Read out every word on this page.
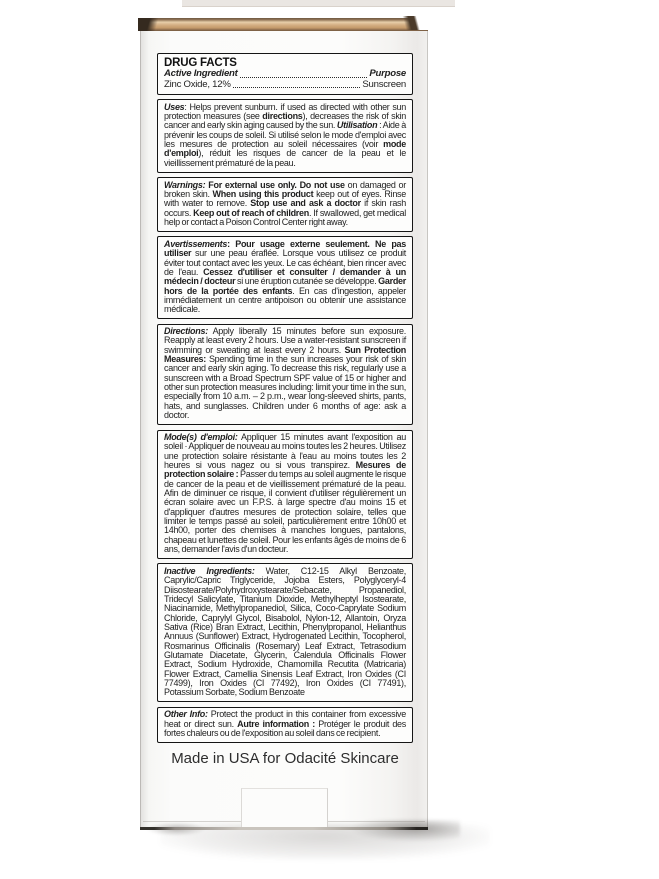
DRUG FACTS
Active Ingredient	Purpose
Zinc Oxide, 12%	Sunscreen

Uses: Helps prevent sunburn. if used as directed with other sun protection measures (see directions), decreases the risk of skin cancer and early skin aging caused by the sun. Utilisation : Aide à prévenir les coups de soleil. Si utilisé selon le mode d'emploi avec les mesures de protection au soleil nécessaires (voir mode d'emploi), réduit les risques de cancer de la peau et le vieillissement prématuré de la peau.

Warnings: For external use only. Do not use on damaged or broken skin. When using this product keep out of eyes. Rinse with water to remove. Stop use and ask a doctor if skin rash occurs. Keep out of reach of children. If swallowed, get medical help or contact a Poison Control Center right away.

Avertissements: Pour usage externe seulement. Ne pas utiliser sur une peau éraflée. Lorsque vous utilisez ce produit éviter tout contact avec les yeux. Le cas échéant, bien rincer avec de l'eau. Cessez d'utiliser et consulter / demander à un médecin / docteur si une éruption cutanée se développe. Garder hors de la portée des enfants. En cas d'ingestion, appeler immédiatement un centre antipoison ou obtenir une assistance médicale.

Directions: Apply liberally 15 minutes before sun exposure. Reapply at least every 2 hours. Use a water-resistant sunscreen if swimming or sweating at least every 2 hours. Sun Protection Measures: Spending time in the sun increases your risk of skin cancer and early skin aging. To decrease this risk, regularly use a sunscreen with a Broad Spectrum SPF value of 15 or higher and other sun protection measures including: limit your time in the sun, especially from 10 a.m. – 2 p.m., wear long-sleeved shirts, pants, hats, and sunglasses. Children under 6 months of age: ask a doctor.

Mode(s) d'emploi: Appliquer 15 minutes avant l'exposition au soleil · Appliquer de nouveau au moins toutes les 2 heures. Utilisez une protection solaire résistante à l'eau au moins toutes les 2 heures si vous nagez ou si vous transpirez. Mesures de protection solaire : Passer du temps au soleil augmente le risque de cancer de la peau et de vieillissement prématuré de la peau. Afin de diminuer ce risque, il convient d'utiliser régulièrement un écran solaire avec un F.P.S. à large spectre d'au moins 15 et d'appliquer d'autres mesures de protection solaire, telles que limiter le temps passé au soleil, particulièrement entre 10h00 et 14h00, porter des chemises à manches longues, pantalons, chapeau et lunettes de soleil. Pour les enfants âgés de moins de 6 ans, demander l'avis d'un docteur.

Inactive Ingredients: Water, C12-15 Alkyl Benzoate, Caprylic/Capric Triglyceride, Jojoba Esters, Polyglyceryl-4 Diisostearate/Polyhydroxystearate/Sebacate, Propanediol, Tridecyl Salicylate, Titanium Dioxide, Methylheptyl Isostearate, Niacinamide, Methylpropanediol, Silica, Coco-Caprylate Sodium Chloride, Caprylyl Glycol, Bisabolol, Nylon-12, Allantoin, Oryza Sativa (Rice) Bran Extract, Lecithin, Phenylpropanol, Helianthus Annuus (Sunflower) Extract, Hydrogenated Lecithin, Tocopherol, Rosmarinus Officinalis (Rosemary) Leaf Extract, Tetrasodium Glutamate Diacetate, Glycerin, Calendula Officinalis Flower Extract, Sodium Hydroxide, Chamomilla Recutita (Matricaria) Flower Extract, Camellia Sinensis Leaf Extract, Iron Oxides (CI 77499), Iron Oxides (CI 77492), Iron Oxides (CI 77491), Potassium Sorbate, Sodium Benzoate

Other Info: Protect the product in this container from excessive heat or direct sun. Autre information : Protéger le produit des fortes chaleurs ou de l'exposition au soleil dans ce recipient.

Made in USA for Odacité Skincare
